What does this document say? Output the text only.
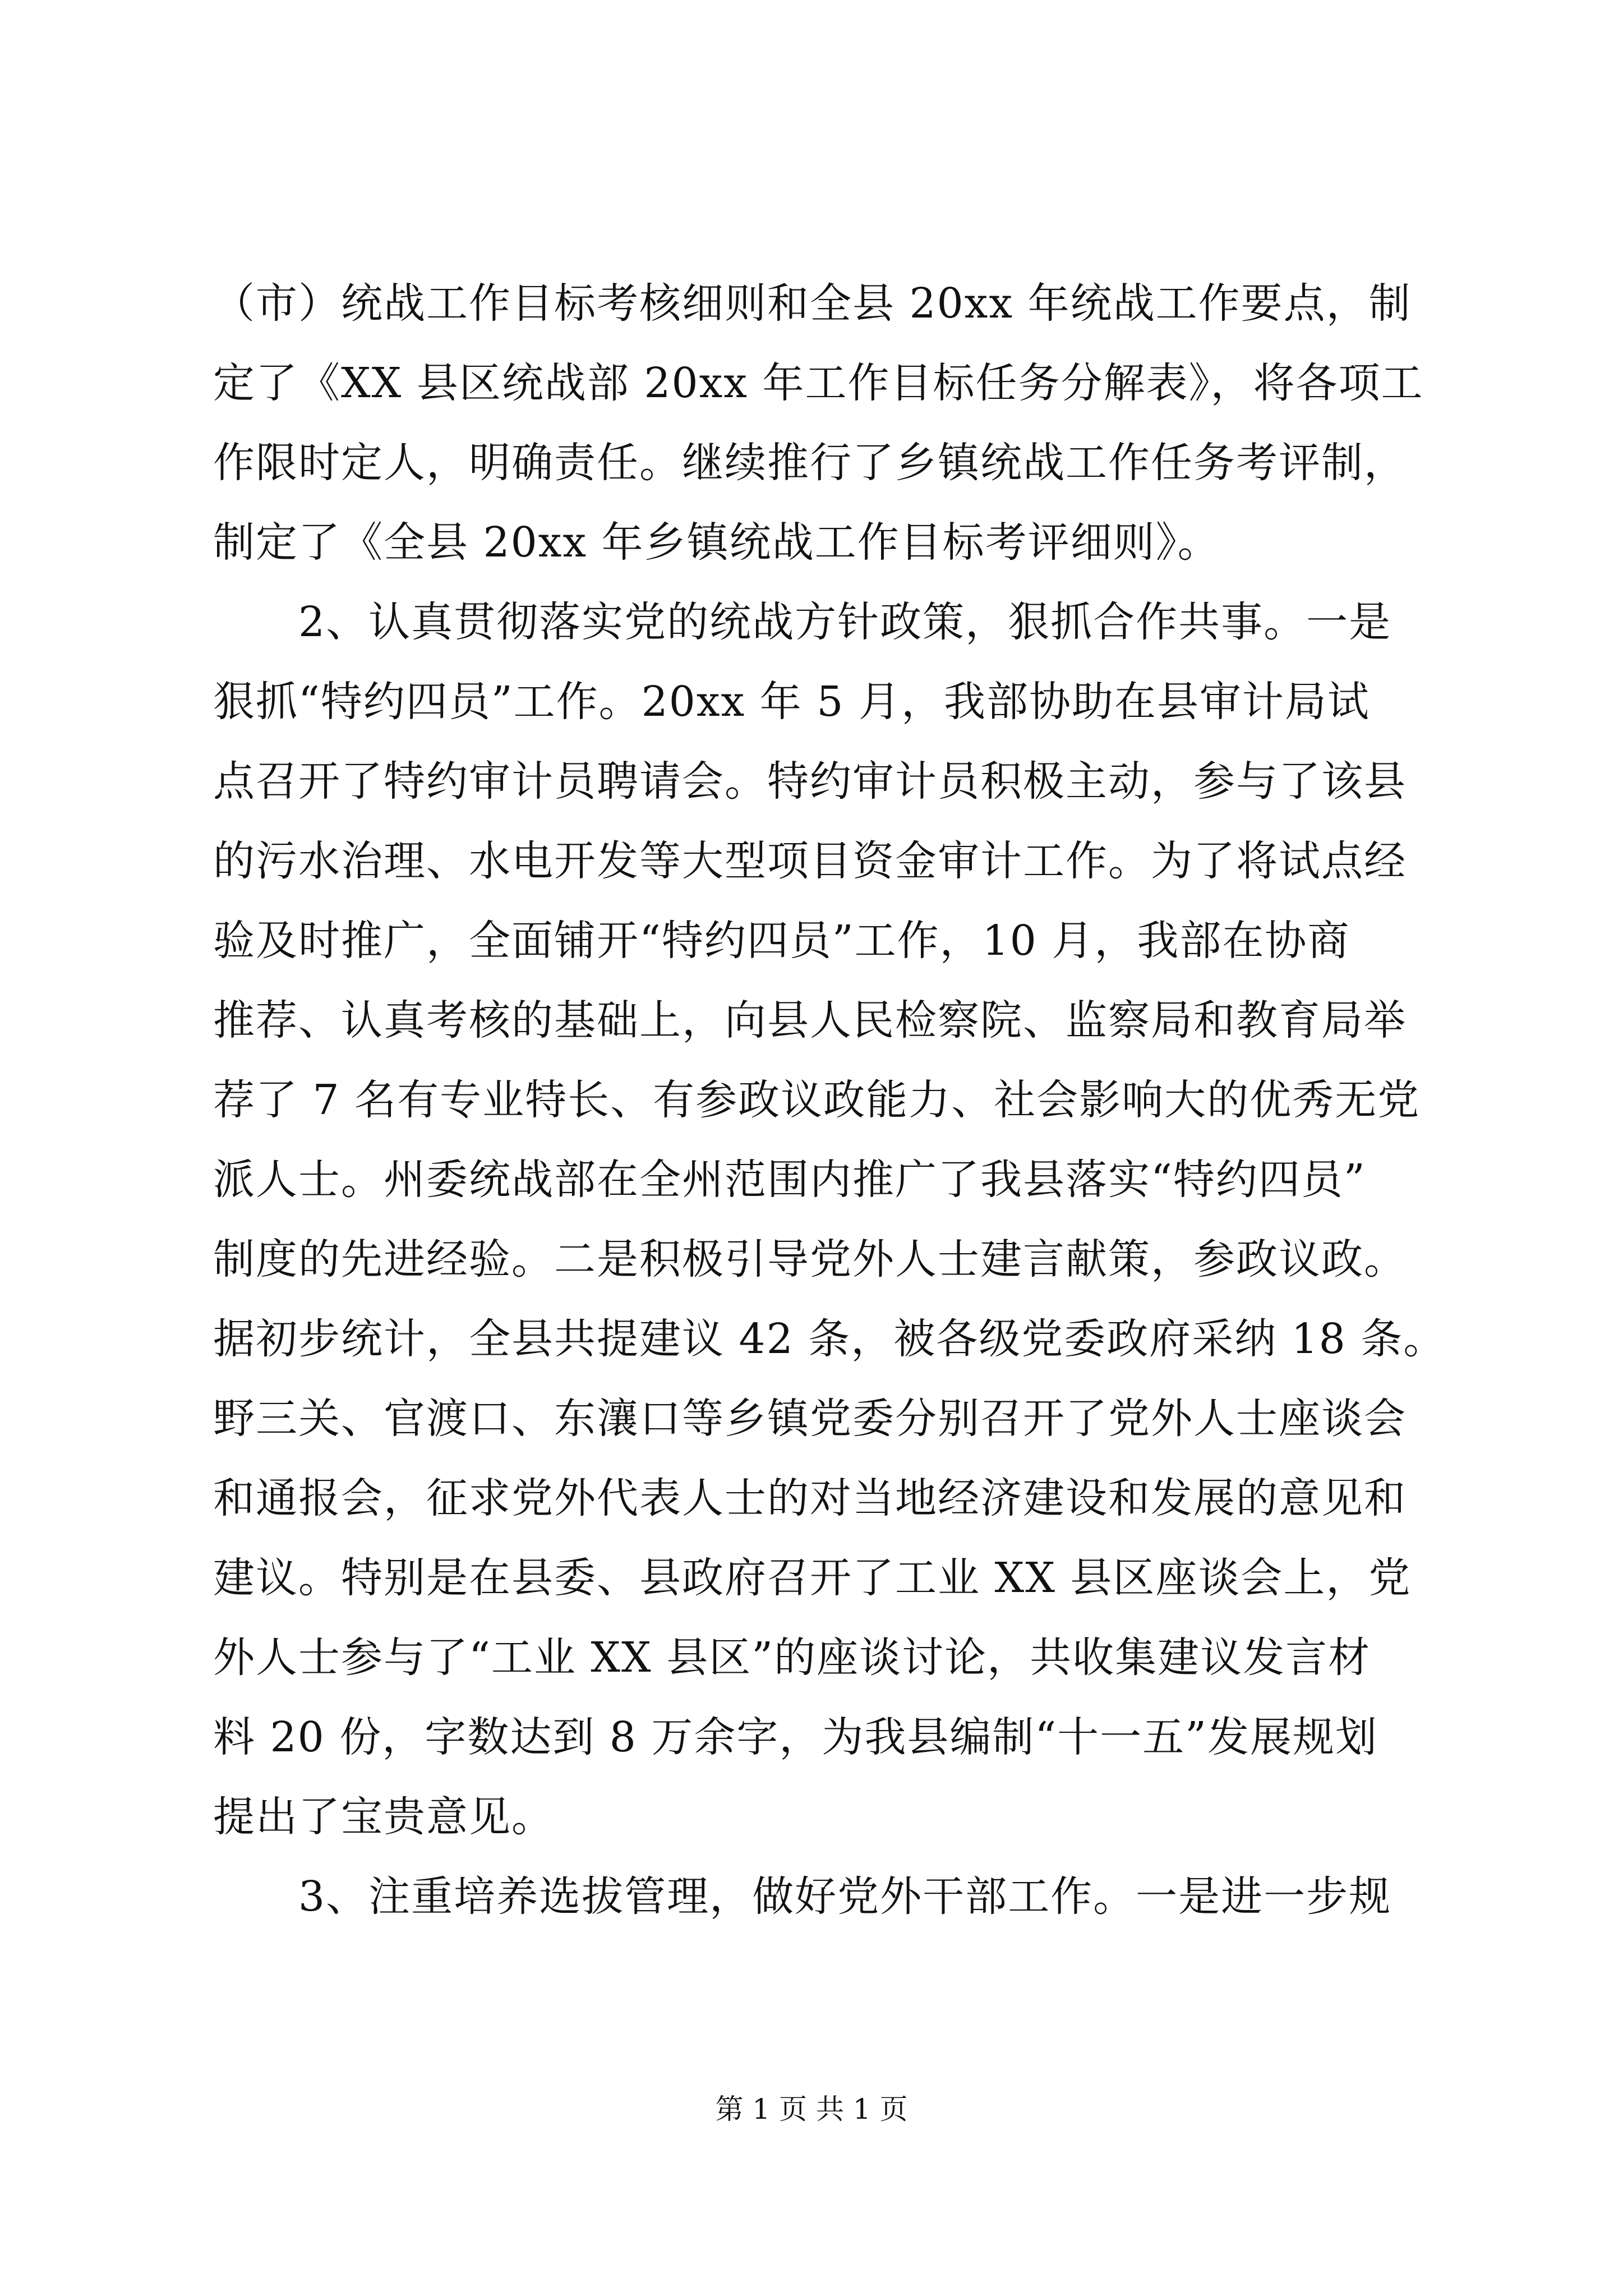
（市）统战工作目标考核细则和全县 20xx 年统战工作要点，制
定了《XX 县区统战部 20xx 年工作目标任务分解表》，将各项工
作限时定人，明确责任。继续推行了乡镇统战工作任务考评制，
制定了《全县 20xx 年乡镇统战工作目标考评细则》。
　　2、认真贯彻落实党的统战方针政策，狠抓合作共事。一是
狠抓“特约四员”工作。20xx 年 5 月，我部协助在县审计局试
点召开了特约审计员聘请会。特约审计员积极主动，参与了该县
的污水治理、水电开发等大型项目资金审计工作。为了将试点经
验及时推广，全面铺开“特约四员”工作，10 月，我部在协商
推荐、认真考核的基础上，向县人民检察院、监察局和教育局举
荐了 7 名有专业特长、有参政议政能力、社会影响大的优秀无党
派人士。州委统战部在全州范围内推广了我县落实“特约四员”
制度的先进经验。二是积极引导党外人士建言献策，参政议政。
据初步统计，全县共提建议 42 条，被各级党委政府采纳 18 条。
野三关、官渡口、东瀼口等乡镇党委分别召开了党外人士座谈会
和通报会，征求党外代表人士的对当地经济建设和发展的意见和
建议。特别是在县委、县政府召开了工业 XX 县区座谈会上，党
外人士参与了“工业 XX 县区”的座谈讨论，共收集建议发言材
料 20 份，字数达到 8 万余字，为我县编制“十一五”发展规划
提出了宝贵意见。
　　3、注重培养选拔管理，做好党外干部工作。一是进一步规
第 1 页 共 1 页
